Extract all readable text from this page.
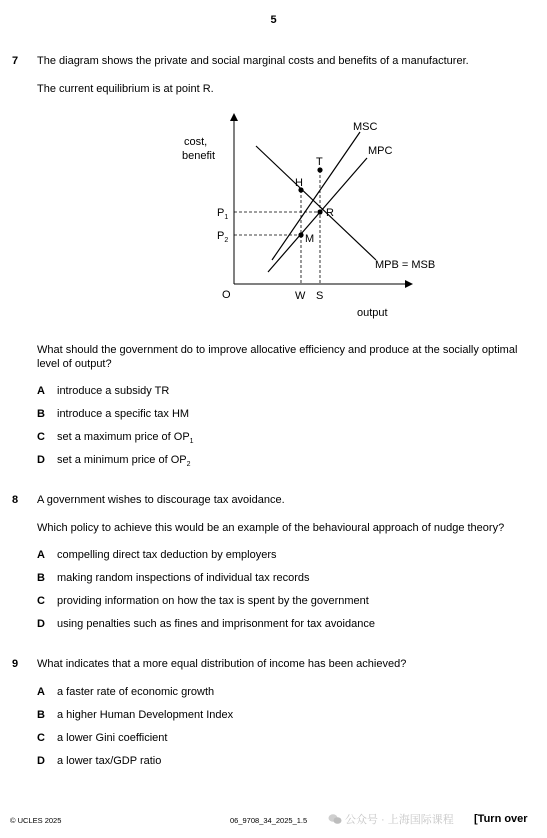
5
7 The diagram shows the private and social marginal costs and benefits of a manufacturer.
The current equilibrium is at point R.
cost,
benefit
output
O
MSC
MPC
MPB = MSB
H
T
R
M
$P_1$
$P_2$
W S
What should the government do to improve allocative efficiency and produce at the socially optimal
level of output?
A introduce a subsidy TR
B introduce a specific tax HM
C set a maximum price of $OP_1$
D set a minimum price of $OP_2$
8 A government wishes to discourage tax avoidance.
Which policy to achieve this would be an example of the behavioural approach of nudge theory?
A compelling direct tax deduction by employers
B making random inspections of individual tax records
C providing information on how the tax is spent by the government
D using penalties such as fines and imprisonment for tax avoidance
9 What indicates that a more equal distribution of income has been achieved?
A a faster rate of economic growth
B a higher Human Development Index
C a lower Gini coefficient
D a lower tax/GDP ratio
© UCLES 2025	06_9708_34_2025_1.5	公众号 · 上海国际课程 [Turn over
